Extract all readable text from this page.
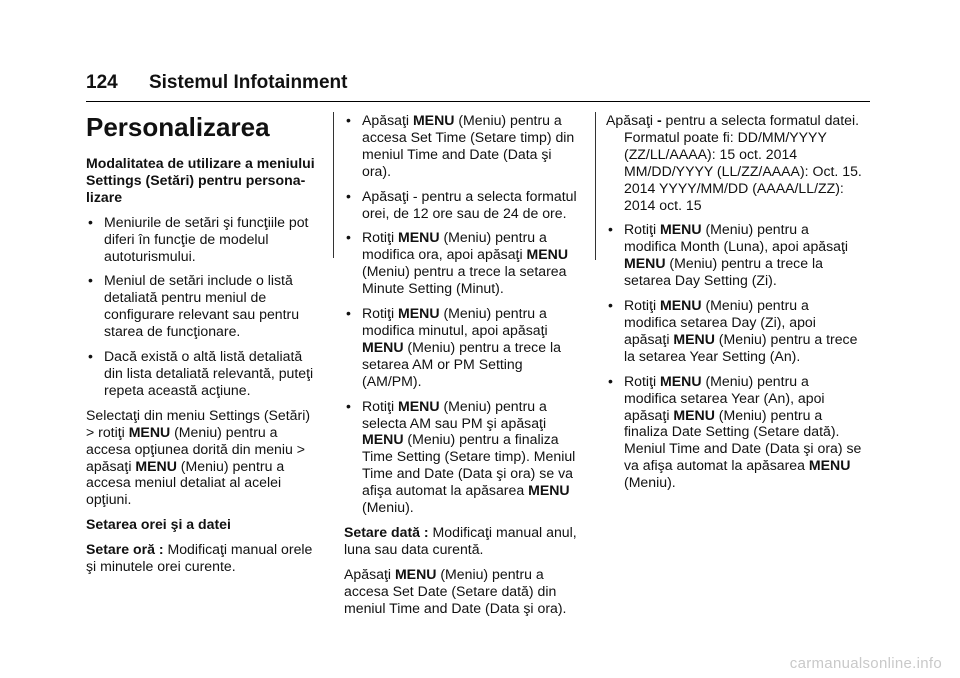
124 Sistemul Infotainment
Personalizarea
Modalitatea de utilizare a meniului Settings (Setări) pentru persona-lizare
• Meniurile de setări şi funcţiile pot diferi în funcţie de modelul autoturismului.
• Meniul de setări include o listă detaliată pentru meniul de configurare relevant sau pentru starea de funcţionare.
• Dacă există o altă listă detaliată din lista detaliată relevantă, puteţi repeta această acţiune.
Selectaţi din meniu Settings (Setări) > rotiţi MENU (Meniu) pentru a accesa opţiunea dorită din meniu > apăsaţi MENU (Meniu) pentru a accesa meniul detaliat al acelei opţiuni.
Setarea orei şi a datei
Setare oră : Modificaţi manual orele şi minutele orei curente.
• Apăsaţi MENU (Meniu) pentru a accesa Set Time (Setare timp) din meniul Time and Date (Data şi ora).
• Apăsaţi - pentru a selecta formatul orei, de 12 ore sau de 24 de ore.
• Rotiţi MENU (Meniu) pentru a modifica ora, apoi apăsaţi MENU (Meniu) pentru a trece la setarea Minute Setting (Minut).
• Rotiţi MENU (Meniu) pentru a modifica minutul, apoi apăsaţi MENU (Meniu) pentru a trece la setarea AM or PM Setting (AM/PM).
• Rotiţi MENU (Meniu) pentru a selecta AM sau PM şi apăsaţi MENU (Meniu) pentru a finaliza Time Setting (Setare timp). Meniul Time and Date (Data şi ora) se va afişa automat la apăsarea MENU (Meniu).
Setare dată : Modificaţi manual anul, luna sau data curentă.
Apăsaţi MENU (Meniu) pentru a accesa Set Date (Setare dată) din meniul Time and Date (Data şi ora).
Apăsaţi - pentru a selecta formatul datei. Formatul poate fi: DD/MM/YYYY (ZZ/LL/AAAA): 15 oct. 2014 MM/DD/YYYY (LL/ZZ/AAAA): Oct. 15. 2014 YYYY/MM/DD (AAAA/LL/ZZ): 2014 oct. 15
• Rotiţi MENU (Meniu) pentru a modifica Month (Luna), apoi apăsaţi MENU (Meniu) pentru a trece la setarea Day Setting (Zi).
• Rotiţi MENU (Meniu) pentru a modifica setarea Day (Zi), apoi apăsaţi MENU (Meniu) pentru a trece la setarea Year Setting (An).
• Rotiţi MENU (Meniu) pentru a modifica setarea Year (An), apoi apăsaţi MENU (Meniu) pentru a finaliza Date Setting (Setare dată). Meniul Time and Date (Data şi ora) se va afişa automat la apăsarea MENU (Meniu).
carmanualsonline.info
